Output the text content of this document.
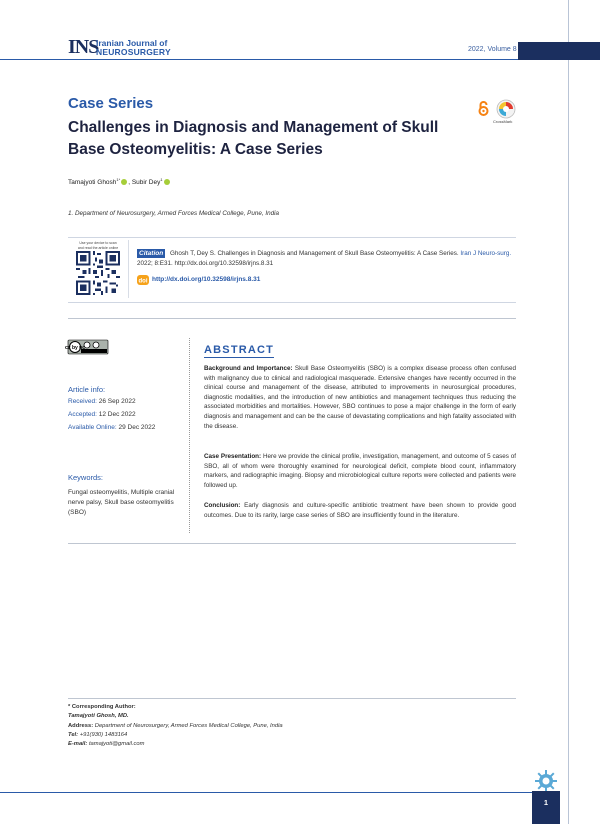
INS
Iranian Journal of
NEUROSURGERY	2022, Volume 8
Case Series
Challenges in Diagnosis and Management of Skull Base Osteomyelitis: A Case Series
CrossMark
Tamajyoti Ghosh$^{1*}$ , Subir Dey$^1$
1. Department of Neurosurgery, Armed Forces Medical College, Pune, India
Use your device to scan and read the article online
Ghosh T, Dey S. Challenges in Diagnosis and Management of Skull Base Osteomyelitis: A Case Series. Iran J Neuro-surg. 2022; 8:E31. http://dx.doi.org/10.32598/irjns.8.31
Citation
doi http://dx.doi.org/10.32598/irjns.8.31
cc by nc
Article info:
Received: 26 Sep 2022
Accepted: 12 Dec 2022
Available Online: 29 Dec 2022
Keywords:
Fungal osteomyelitis, Multiple cranial nerve palsy, Skull base osteomyelitis (SBO)
ABSTRACT
Background and Importance: Skull Base Osteomyelitis (SBO) is a complex disease process often confused with malignancy due to clinical and radiological masquerade. Extensive changes have recently occurred in the clinical course and management of the disease, attributed to improvements in neurosurgical procedures, diagnostic modalities, and the introduction of new antibiotics and management techniques thus reducing the associated morbidities and mortalities. However, SBO continues to pose a major challenge in the form of early diagnosis and management and can be the cause of devastating complications and high fatality associated with the disease.
Case Presentation: Here we provide the clinical profile, investigation, management, and outcome of 5 cases of SBO, all of whom were thoroughly examined for neurological deficit, complete blood count, inflammatory markers, and radiographic imaging. Biopsy and microbiological culture reports were collected and patients were followed up.
Conclusion: Early diagnosis and culture-specific antibiotic treatment have been shown to provide good outcomes. Due to its rarity, large case series of SBO are insufficiently found in the literature.
* Corresponding Author:
Tamajyoti Ghosh, MD.
Address: Department of Neurosurgery, Armed Forces Medical College, Pune, India
Tel: +91(930) 1483164
E-mail: tamajyoti@gmail.com
1
